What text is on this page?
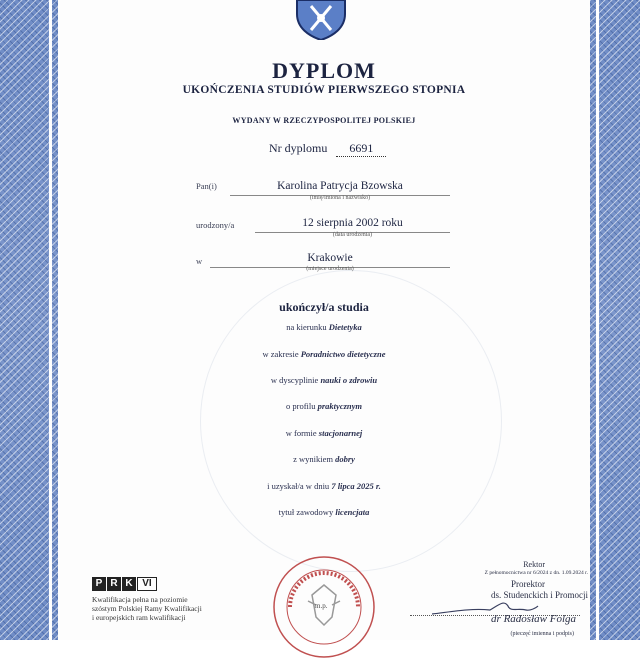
DYPLOM
UKOŃCZENIA STUDIÓW PIERWSZEGO STOPNIA
WYDANY W RZECZYPOSPOLITEJ POLSKIEJ
Nr dyplomu 6691
Pan(i)	Karolina Patrycja Bzowska
(imię/imiona i nazwisko)
urodzony/a	12 sierpnia 2002 roku
(data urodzenia)
w	Krakowie
(miejsce urodzenia)
ukończył/a studia
na kierunku Dietetyka
w zakresie Poradnictwo dietetyczne
w dyscyplinie nauki o zdrowiu
o profilu praktycznym
w formie stacjonarnej
z wynikiem dobry
i uzyskał/a w dniu 7 lipca 2025 r.
tytuł zawodowy licencjata
P R K VI
Kwalifikacja pełna na poziomie
szóstym Polskiej Ramy Kwalifikacji
i europejskich ram kwalifikacji
m.p.
Rektor
Z pełnomocnictwa nr 6/2024 z dn. 1.09.2024 r.
Prorektor
ds. Studenckich i Promocji
dr Radosław Folga
(pieczęć imienna i podpis)
